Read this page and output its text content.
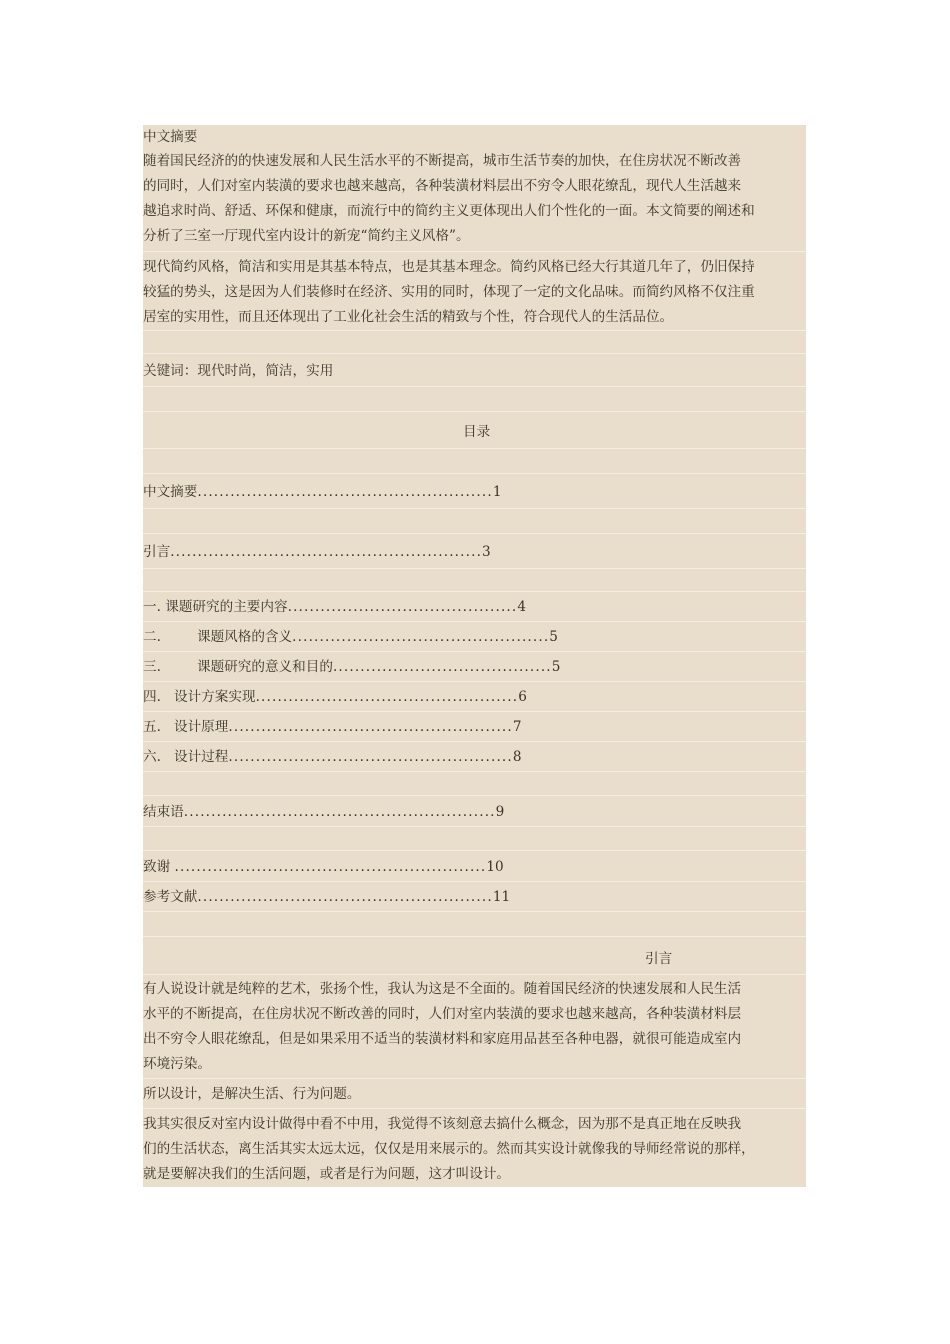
中文摘要
随着国民经济的的快速发展和人民生活水平的不断提高，城市生活节奏的加快，在住房状况不断改善
的同时，人们对室内装潢的要求也越来越高，各种装潢材料层出不穷令人眼花缭乱，现代人生活越来
越追求时尚、舒适、环保和健康，而流行中的简约主义更体现出人们个性化的一面。本文简要的阐述和
分析了三室一厅现代室内设计的新宠“简约主义风格”。
现代简约风格，简洁和实用是其基本特点，也是其基本理念。简约风格已经大行其道几年了，仍旧保持
较猛的势头，这是因为人们装修时在经济、实用的同时，体现了一定的文化品味。而简约风格不仅注重
居室的实用性，而且还体现出了工业化社会生活的精致与个性，符合现代人的生活品位。
关键词：现代时尚，简洁，实用
目录
中文摘要......................................................1
引言.........................................................3
一. 课题研究的主要内容..........................................4
二.	课题风格的含义...............................................5
三.	课题研究的意义和目的........................................5
四. 设计方案实现................................................6
五. 设计原理....................................................7
六. 设计过程....................................................8
结束语.........................................................9
致谢 .........................................................10
参考文献......................................................11
引言
有人说设计就是纯粹的艺术，张扬个性，我认为这是不全面的。随着国民经济的快速发展和人民生活
水平的不断提高，在住房状况不断改善的同时，人们对室内装潢的要求也越来越高，各种装潢材料层
出不穷令人眼花缭乱，但是如果采用不适当的装潢材料和家庭用品甚至各种电器，就很可能造成室内
环境污染。
所以设计，是解决生活、行为问题。
我其实很反对室内设计做得中看不中用，我觉得不该刻意去搞什么概念，因为那不是真正地在反映我
们的生活状态，离生活其实太远太远，仅仅是用来展示的。然而其实设计就像我的导师经常说的那样，
就是要解决我们的生活问题，或者是行为问题，这才叫设计。
